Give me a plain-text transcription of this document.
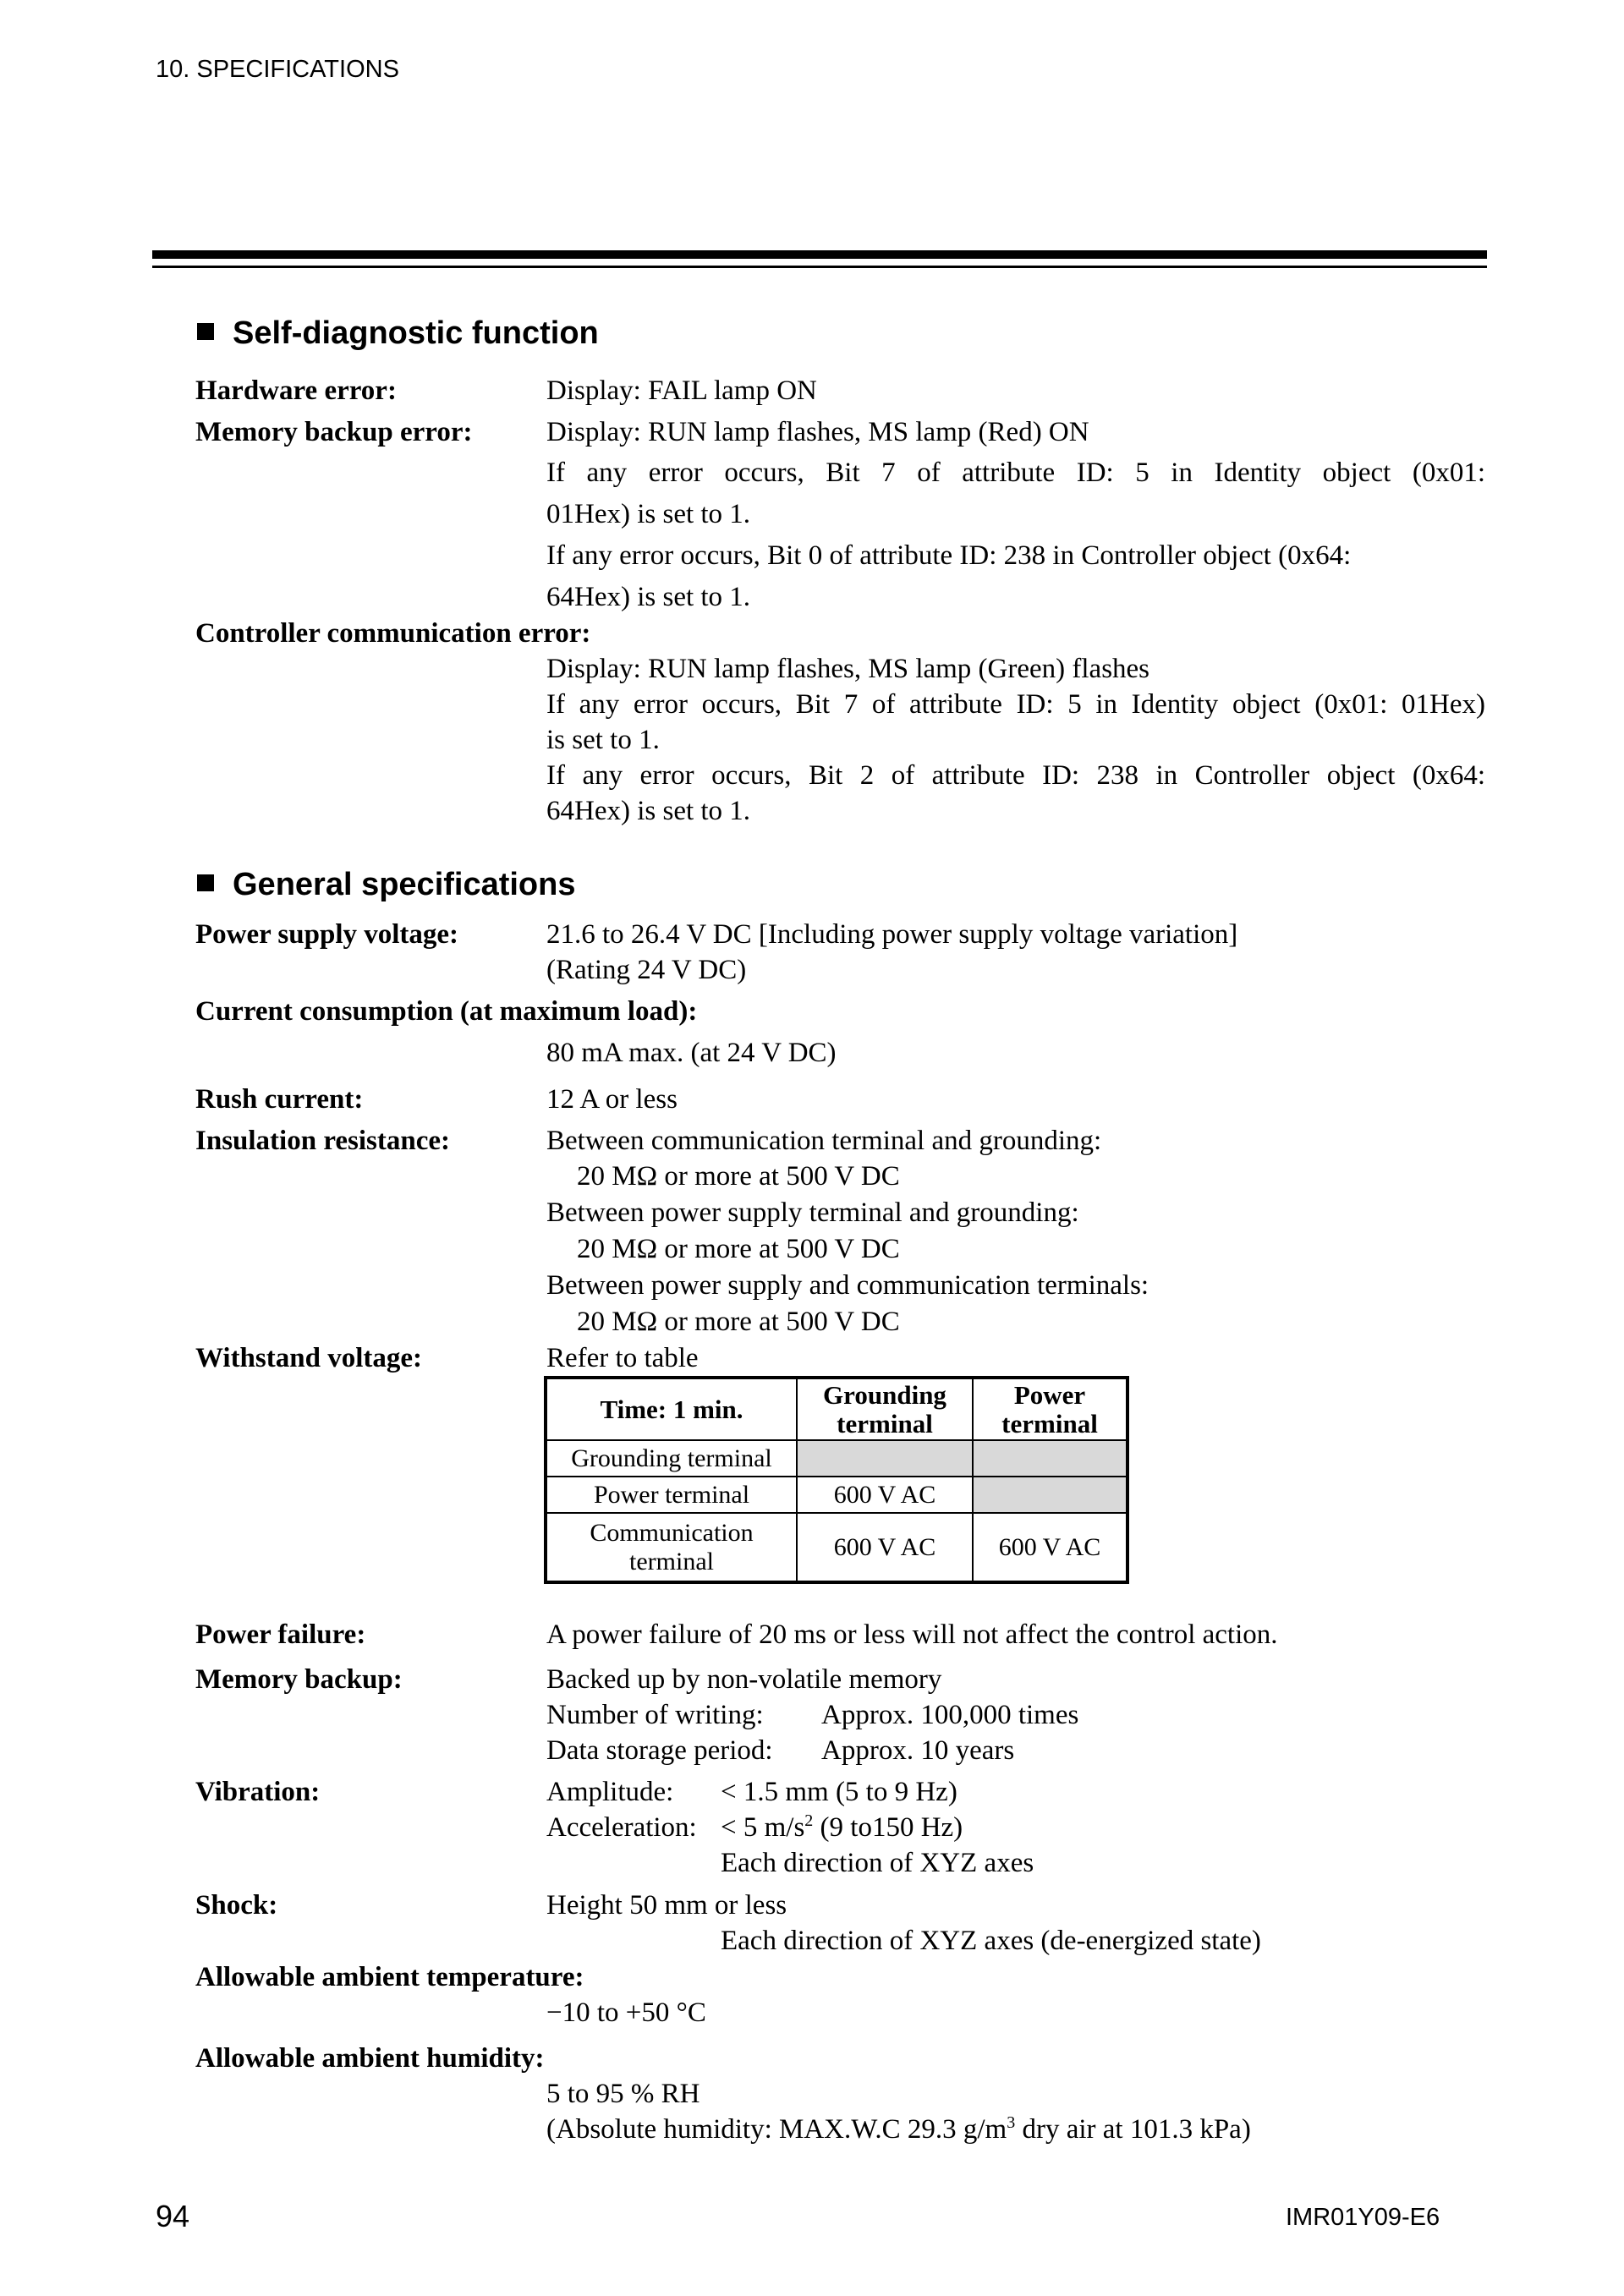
10. SPECIFICATIONS
Self-diagnostic function
Hardware error:	Display: FAIL lamp ON
Memory backup error:	Display: RUN lamp flashes, MS lamp (Red) ON
If any error occurs, Bit 7 of attribute ID: 5 in Identity object (0x01:
01Hex) is set to 1.
If any error occurs, Bit 0 of attribute ID: 238 in Controller object (0x64:
64Hex) is set to 1.
Controller communication error:
Display: RUN lamp flashes, MS lamp (Green) flashes
If any error occurs, Bit 7 of attribute ID: 5 in Identity object (0x01: 01Hex)
is set to 1.
If any error occurs, Bit 2 of attribute ID: 238 in Controller object (0x64:
64Hex) is set to 1.
General specifications
Power supply voltage:	21.6 to 26.4 V DC [Including power supply voltage variation]
(Rating 24 V DC)
Current consumption (at maximum load):
80 mA max. (at 24 V DC)
Rush current:	12 A or less
Insulation resistance:	Between communication terminal and grounding:
20 MΩ or more at 500 V DC
Between power supply terminal and grounding:
20 MΩ or more at 500 V DC
Between power supply and communication terminals:
20 MΩ or more at 500 V DC
Withstand voltage:	Refer to table
Time: 1 min.	Grounding terminal	Power terminal

Grounding terminal		
Power terminal	600 V AC	

Communication terminal	600 V AC	600 V AC
Power failure:	A power failure of 20 ms or less will not affect the control action.
Memory backup:	Backed up by non-volatile memory
Number of writing: Approx. 100,000 times
Data storage period: Approx. 10 years
Vibration:	Amplitude: < 1.5 mm (5 to 9 Hz)
Acceleration: < 5 $m/s^2$ (9 to150 Hz)
Each direction of XYZ axes
Shock:	Height 50 mm or less
Each direction of XYZ axes (de-energized state)
Allowable ambient temperature:
−10 to +50 °C
Allowable ambient humidity:
5 to 95 % RH
(Absolute humidity: MAX.W.C 29.3 $g/m^3$ dry air at 101.3 kPa)
94	IMR01Y09-E6
